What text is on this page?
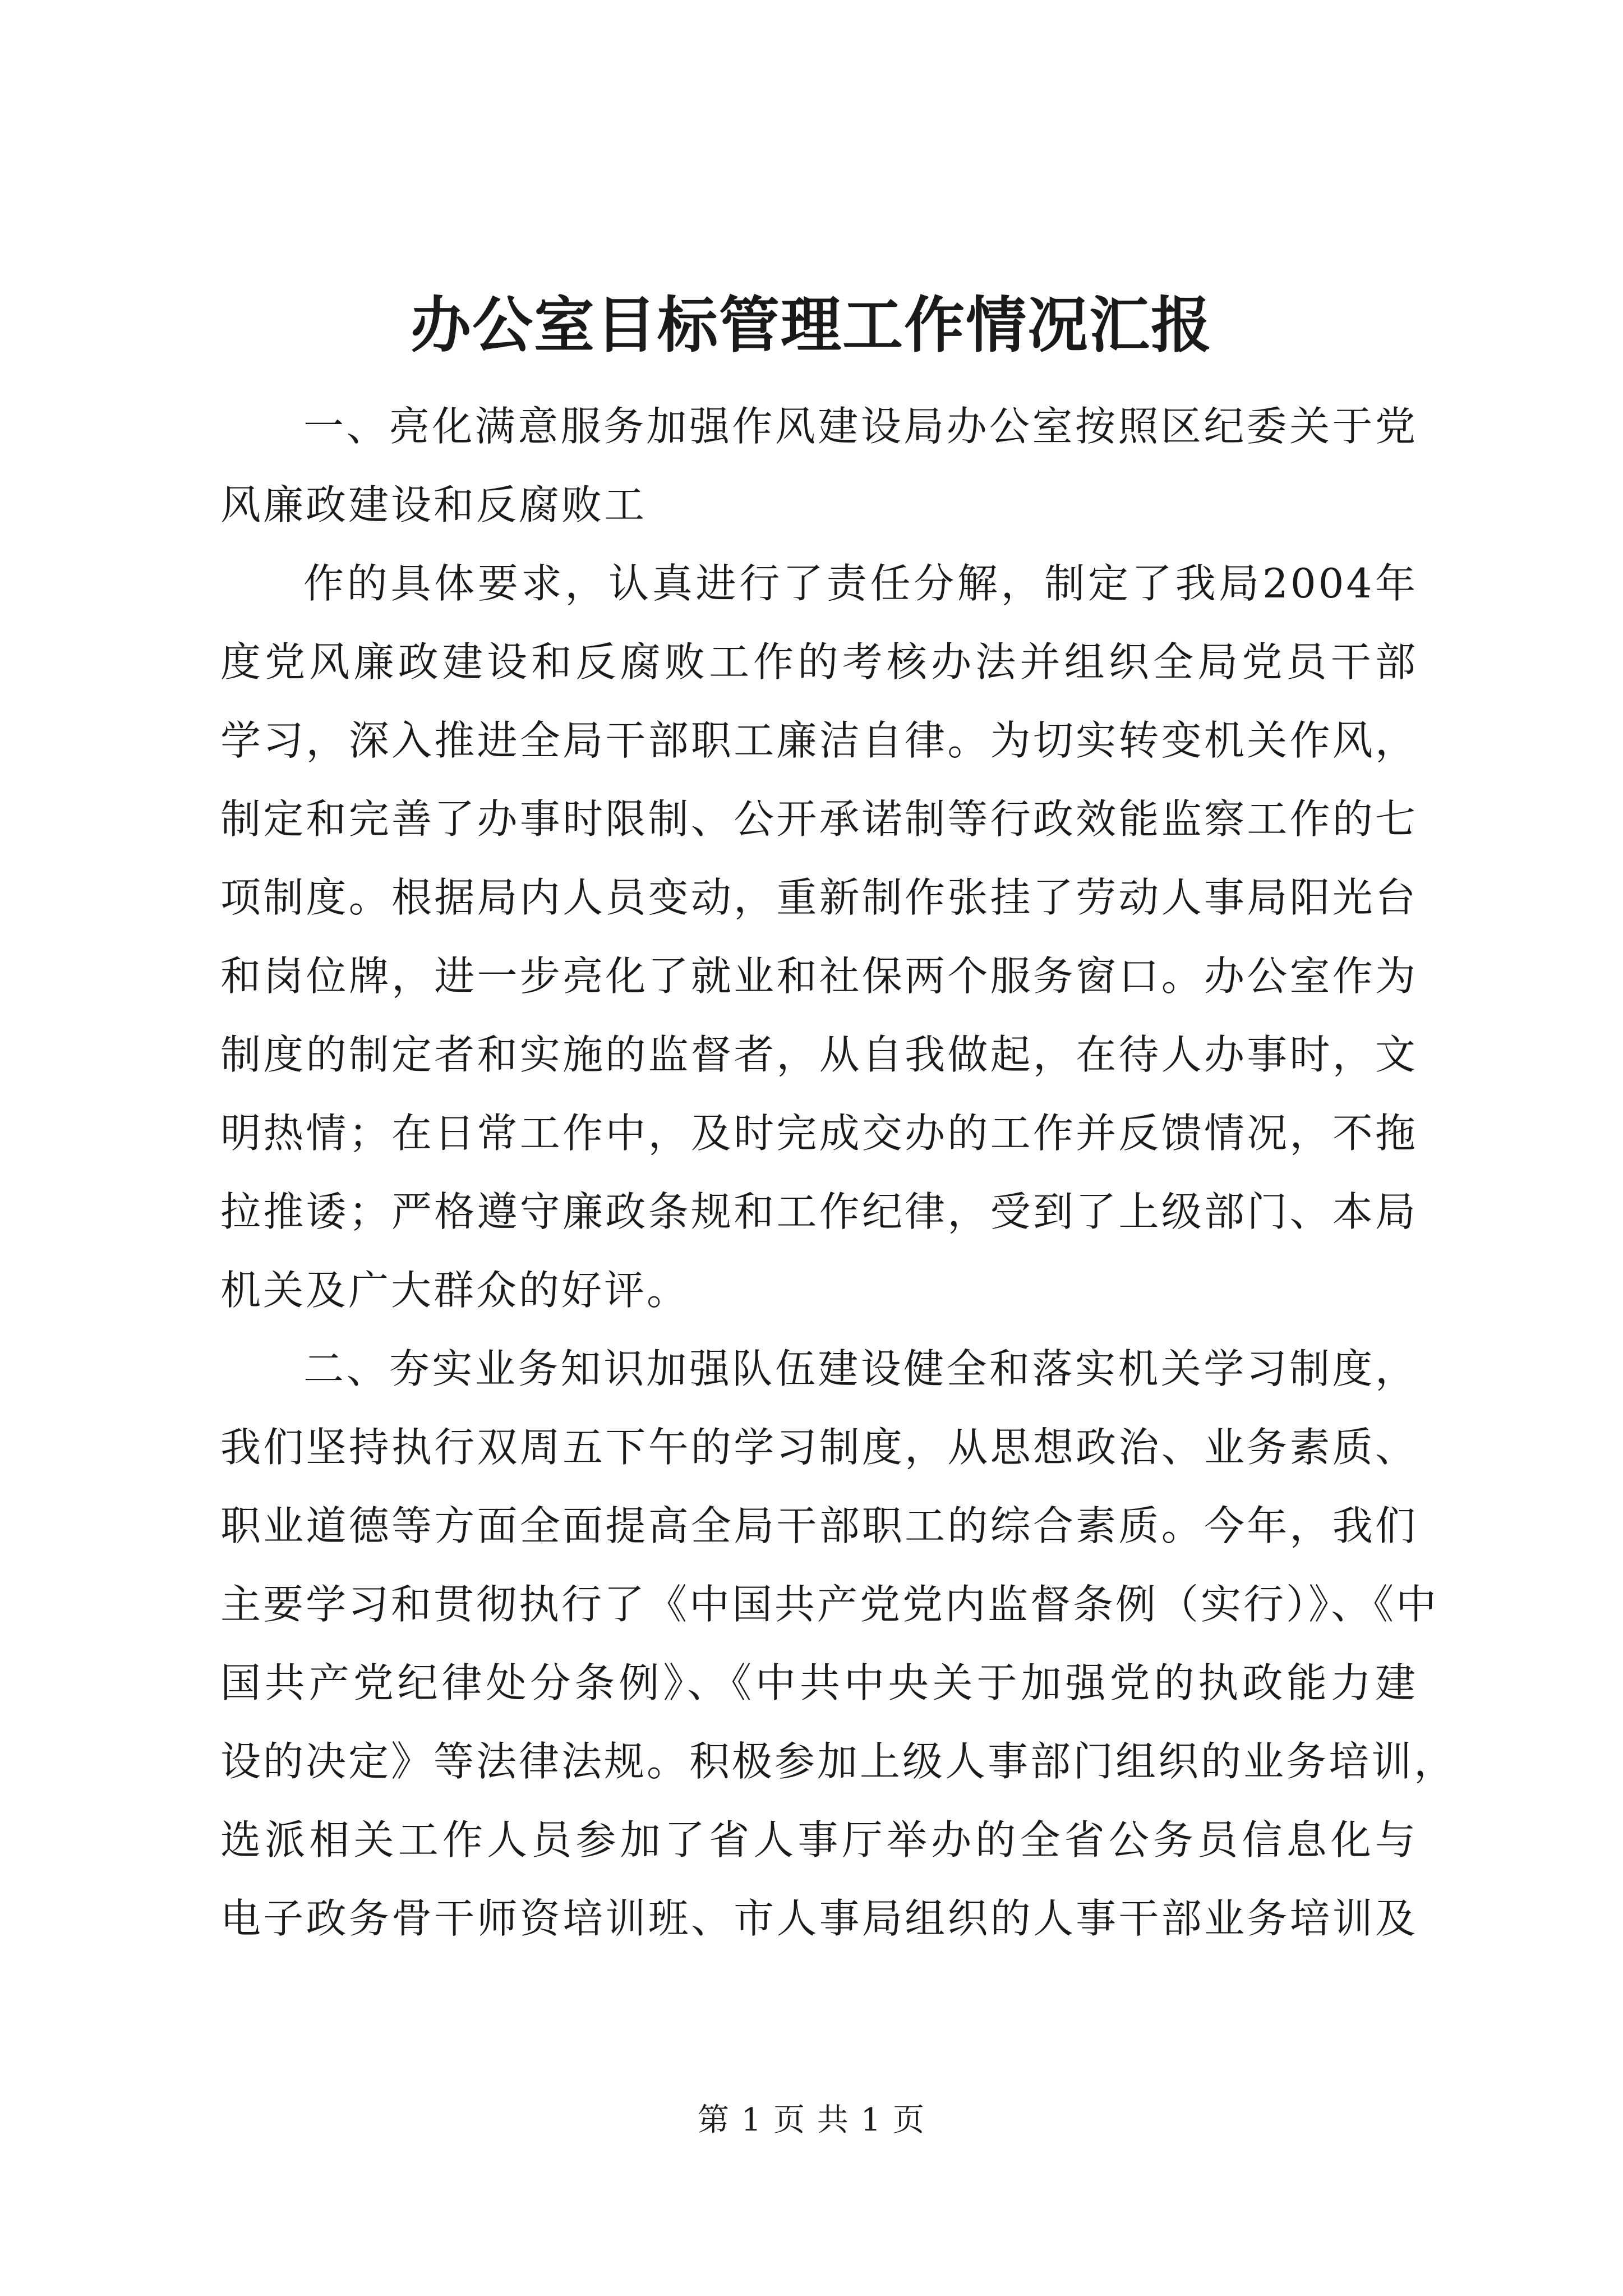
办公室目标管理工作情况汇报
一、亮化满意服务加强作风建设局办公室按照区纪委关于党
风廉政建设和反腐败工
作的具体要求，认真进行了责任分解，制定了我局2004年
度党风廉政建设和反腐败工作的考核办法并组织全局党员干部
学习，深入推进全局干部职工廉洁自律。为切实转变机关作风，
制定和完善了办事时限制、公开承诺制等行政效能监察工作的七
项制度。根据局内人员变动，重新制作张挂了劳动人事局阳光台
和岗位牌，进一步亮化了就业和社保两个服务窗口。办公室作为
制度的制定者和实施的监督者，从自我做起，在待人办事时，文
明热情；在日常工作中，及时完成交办的工作并反馈情况，不拖
拉推诿；严格遵守廉政条规和工作纪律，受到了上级部门、本局
机关及广大群众的好评。
二、夯实业务知识加强队伍建设健全和落实机关学习制度，
我们坚持执行双周五下午的学习制度，从思想政治、业务素质、
职业道德等方面全面提高全局干部职工的综合素质。今年，我们
主要学习和贯彻执行了《中国共产党党内监督条例（实行）》、《中
国共产党纪律处分条例》、《中共中央关于加强党的执政能力建
设的决定》等法律法规。积极参加上级人事部门组织的业务培训，
选派相关工作人员参加了省人事厅举办的全省公务员信息化与
电子政务骨干师资培训班、市人事局组织的人事干部业务培训及
第 1 页 共 1 页
